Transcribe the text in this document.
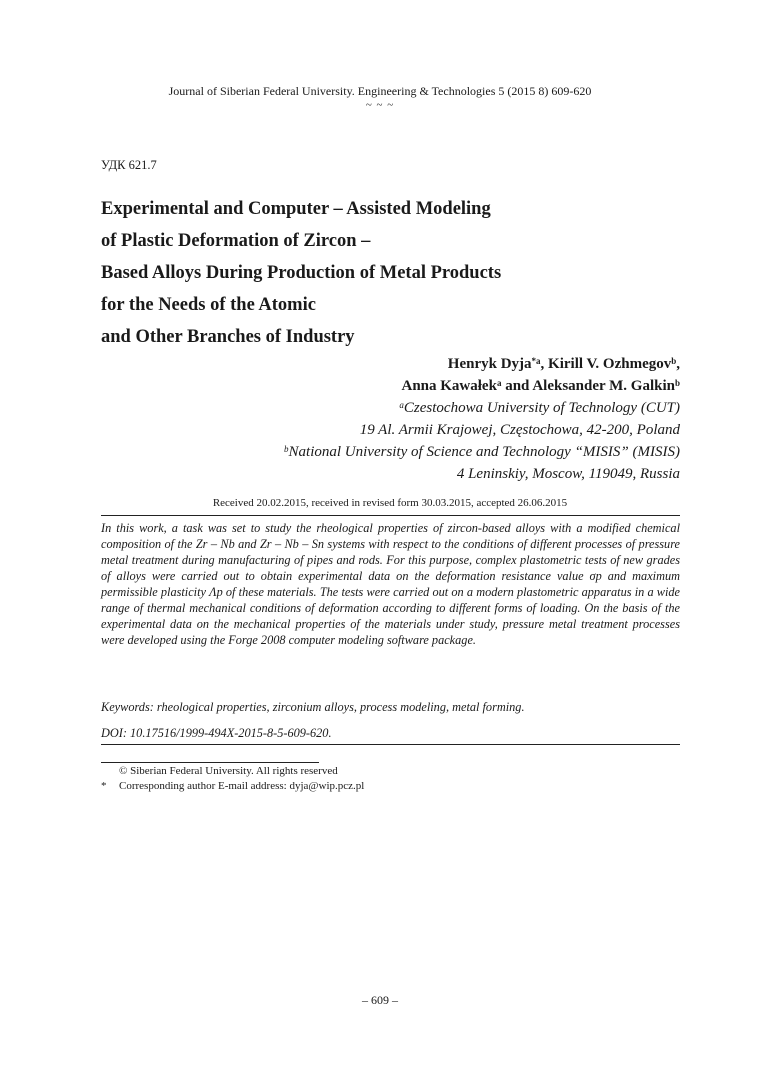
Journal of Siberian Federal University. Engineering & Technologies 5 (2015 8) 609-620
~ ~ ~
УДК 621.7
Experimental and Computer – Assisted Modeling
of Plastic Deformation of Zircon –
Based Alloys During Production of Metal Products
for the Needs of the Atomic
and Other Branches of Industry
Henryk Dyja$^{*a}$, Kirill V. Ozhmegov$^b$,
Anna Kawałek$^a$ and Aleksander M. Galkin$^b$
$^a$Czestochowa University of Technology (CUT)
19 Al. Armii Krajowej, Częstochowa, 42-200, Poland
$^b$National University of Science and Technology “MISIS” (MISIS)
4 Leninskiy, Moscow, 119049, Russia
Received 20.02.2015, received in revised form 30.03.2015, accepted 26.06.2015
In this work, a task was set to study the rheological properties of zircon-based alloys with a modified chemical composition of the Zr – Nb and Zr – Nb – Sn systems with respect to the conditions of different processes of pressure metal treatment during manufacturing of pipes and rods. For this purpose, complex plastometric tests of new grades of alloys were carried out to obtain experimental data on the deformation resistance value σp and maximum permissible plasticity Λp of these materials. The tests were carried out on a modern plastometric apparatus in a wide range of thermal mechanical conditions of deformation according to different forms of loading. On the basis of the experimental data on the mechanical properties of the materials under study, pressure metal treatment processes were developed using the Forge 2008 computer modeling software package.
Keywords: rheological properties, zirconium alloys, process modeling, metal forming.
DOI: 10.17516/1999-494X-2015-8-5-609-620.
© Siberian Federal University. All rights reserved
* Corresponding author E-mail address: dyja@wip.pcz.pl
– 609 –
